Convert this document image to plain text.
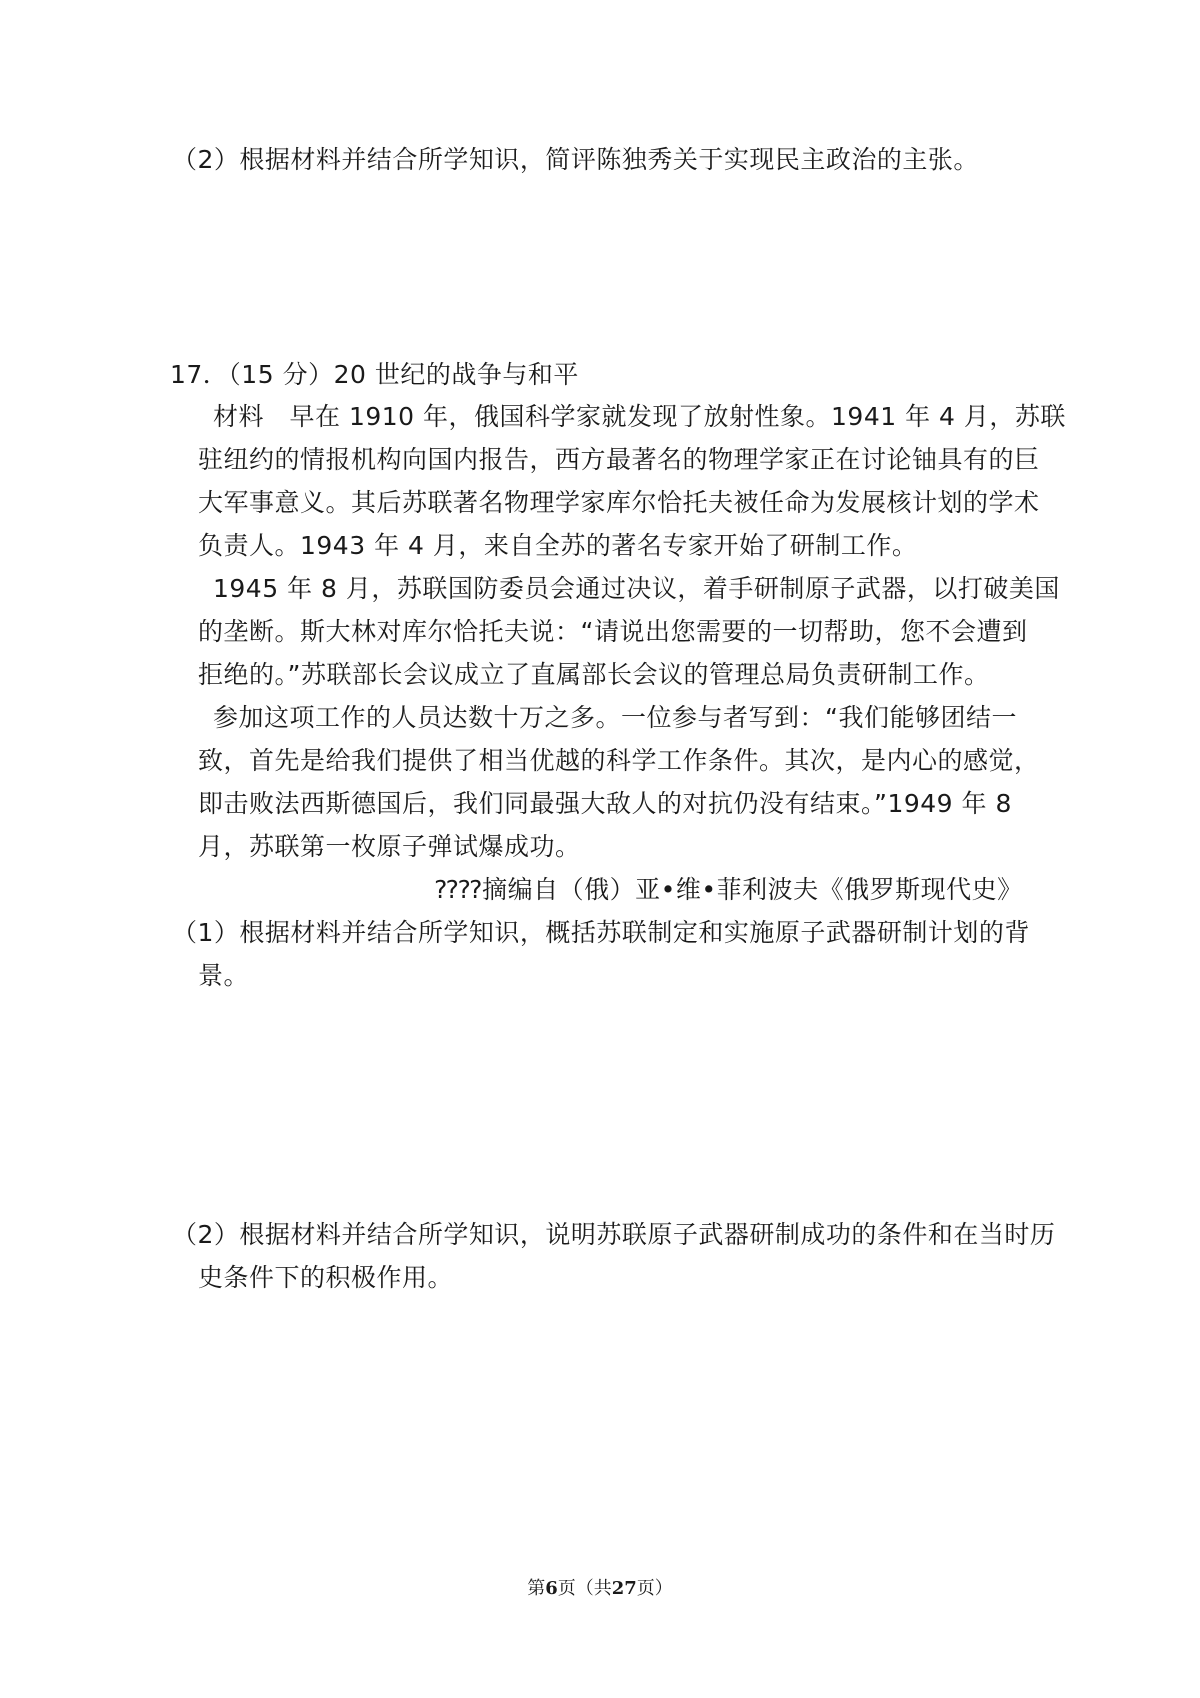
（2）根据材料并结合所学知识，简评陈独秀关于实现民主政治的主张。
17．（15 分）20 世纪的战争与和平
材料　早在 1910 年，俄国科学家就发现了放射性象。1941 年 4 月，苏联
驻纽约的情报机构向国内报告，西方最著名的物理学家正在讨论铀具有的巨
大军事意义。其后苏联著名物理学家库尔恰托夫被任命为发展核计划的学术
负责人。1943 年 4 月，来自全苏的著名专家开始了研制工作。
1945 年 8 月，苏联国防委员会通过决议，着手研制原子武器，以打破美国
的垄断。斯大林对库尔恰托夫说：“请说出您需要的一切帮助，您不会遭到
拒绝的。”苏联部长会议成立了直属部长会议的管理总局负责研制工作。
参加这项工作的人员达数十万之多。一位参与者写到：“我们能够团结一
致，首先是给我们提供了相当优越的科学工作条件。其次，是内心的感觉，
即击败法西斯德国后，我们同最强大敌人的对抗仍没有结束。”1949 年 8
月，苏联第一枚原子弹试爆成功。
⁇⁇摘编自（俄）亚•维•菲利波夫《俄罗斯现代史》
（1）根据材料并结合所学知识，概括苏联制定和实施原子武器研制计划的背
景。
（2）根据材料并结合所学知识，说明苏联原子武器研制成功的条件和在当时历
史条件下的积极作用。
第6页（共27页）
